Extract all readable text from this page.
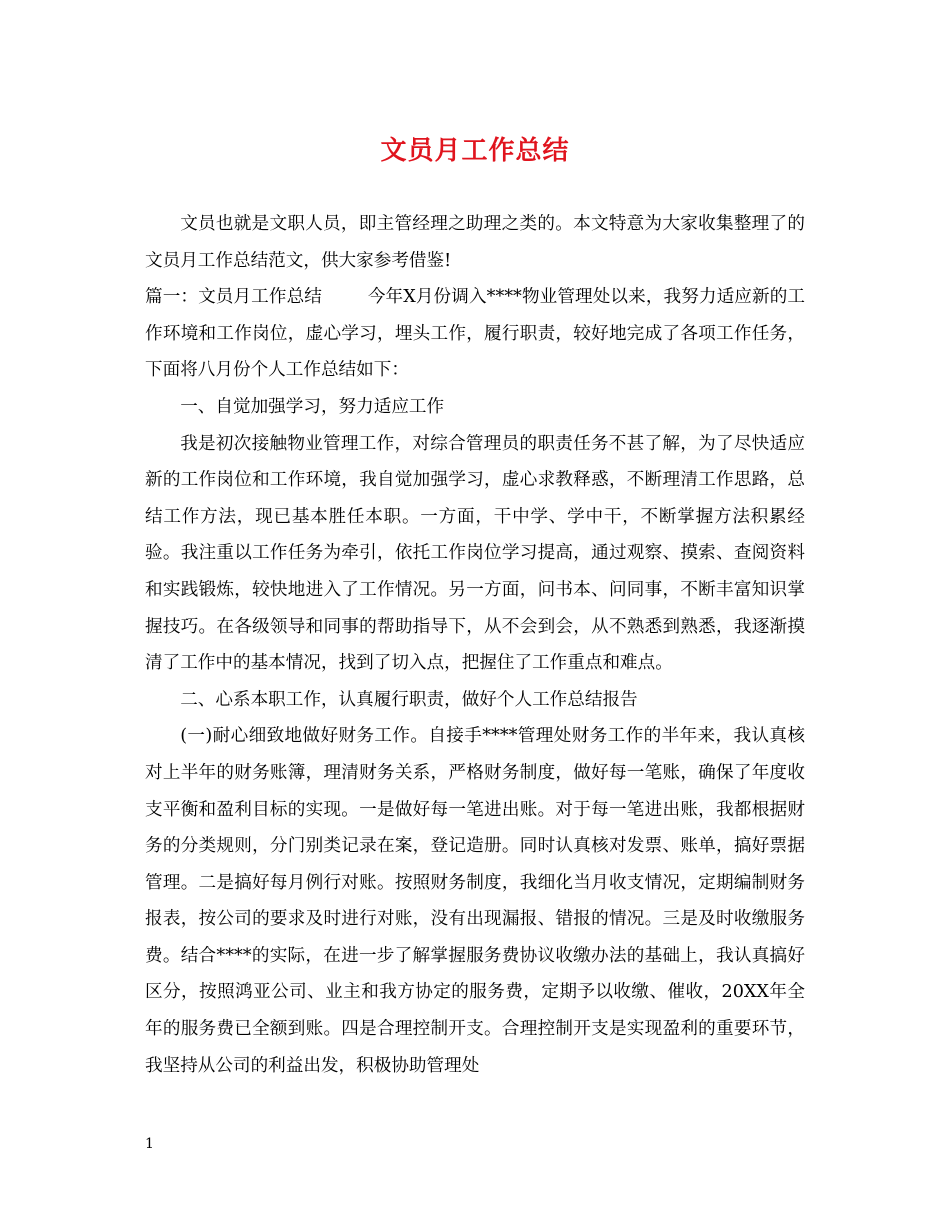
文员月工作总结

文员也就是文职人员，即主管经理之助理之类的。本文特意为大家收集整理了的文员月工作总结范文，供大家参考借鉴!

篇一：文员月工作总结	今年X月份调入****物业管理处以来，我努力适应新的工作环境和工作岗位，虚心学习，埋头工作，履行职责，较好地完成了各项工作任务，下面将八月份个人工作总结如下：

一、自觉加强学习，努力适应工作

我是初次接触物业管理工作，对综合管理员的职责任务不甚了解，为了尽快适应新的工作岗位和工作环境，我自觉加强学习，虚心求教释惑，不断理清工作思路，总结工作方法，现已基本胜任本职。一方面，干中学、学中干，不断掌握方法积累经验。我注重以工作任务为牵引，依托工作岗位学习提高，通过观察、摸索、查阅资料和实践锻炼，较快地进入了工作情况。另一方面，问书本、问同事，不断丰富知识掌握技巧。在各级领导和同事的帮助指导下，从不会到会，从不熟悉到熟悉，我逐渐摸清了工作中的基本情况，找到了切入点，把握住了工作重点和难点。

二、心系本职工作，认真履行职责，做好个人工作总结报告

(一)耐心细致地做好财务工作。自接手****管理处财务工作的半年来，我认真核对上半年的财务账簿，理清财务关系，严格财务制度，做好每一笔账，确保了年度收支平衡和盈利目标的实现。一是做好每一笔进出账。对于每一笔进出账，我都根据财务的分类规则，分门别类记录在案，登记造册。同时认真核对发票、账单，搞好票据管理。二是搞好每月例行对账。按照财务制度，我细化当月收支情况，定期编制财务报表，按公司的要求及时进行对账，没有出现漏报、错报的情况。三是及时收缴服务费。结合****的实际，在进一步了解掌握服务费协议收缴办法的基础上，我认真搞好区分，按照鸿亚公司、业主和我方协定的服务费，定期予以收缴、催收，20XX年全年的服务费已全额到账。四是合理控制开支。合理控制开支是实现盈利的重要环节，我坚持从公司的利益出发，积极协助管理处

1
